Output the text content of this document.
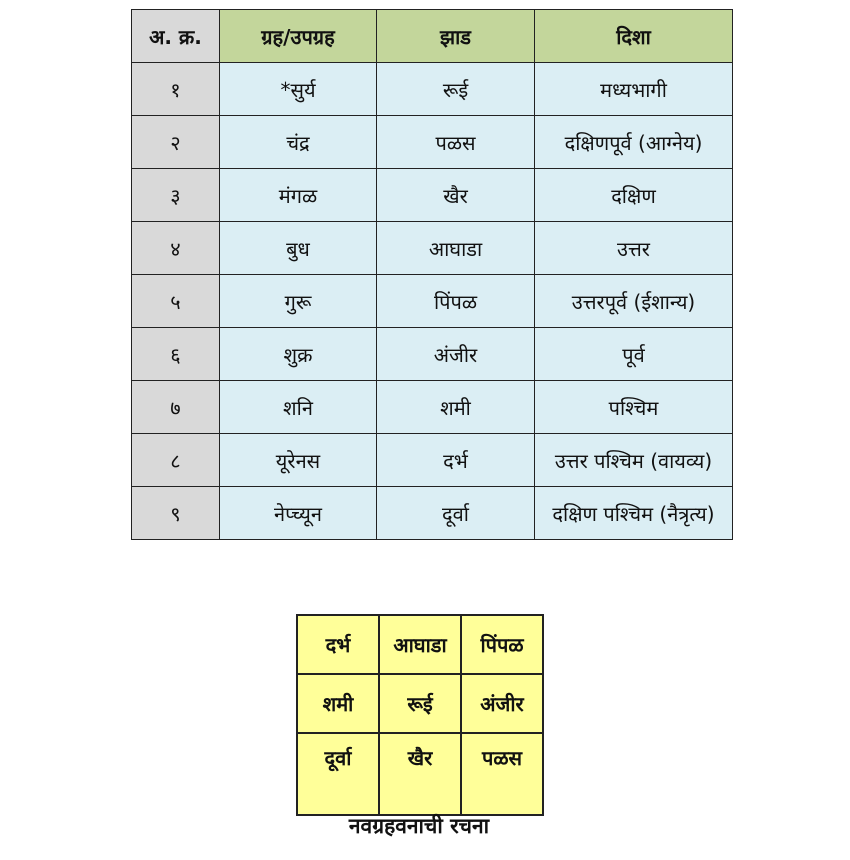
अ. क्र.	ग्रह/उपग्रह	झाड	दिशा
१	*सुर्य	रूई	मध्यभागी
२	चंद्र	पळस	दक्षिणपूर्व (आग्नेय)
३	मंगळ	खैर	दक्षिण
४	बुध	आघाडा	उत्तर
५	गुरू	पिंपळ	उत्तरपूर्व (ईशान्य)
६	शुक्र	अंजीर	पूर्व
७	शनि	शमी	पश्चिम
८	यूरेनस	दर्भ	उत्तर पश्चिम (वायव्य)
९	नेप्च्यून	दूर्वा	दक्षिण पश्चिम (नैत्रृत्य)
दर्भ	आघाडा	पिंपळ
शमी	रूई	अंजीर
दूर्वा	खैर	पळस
नवग्रहवनाची रचना
